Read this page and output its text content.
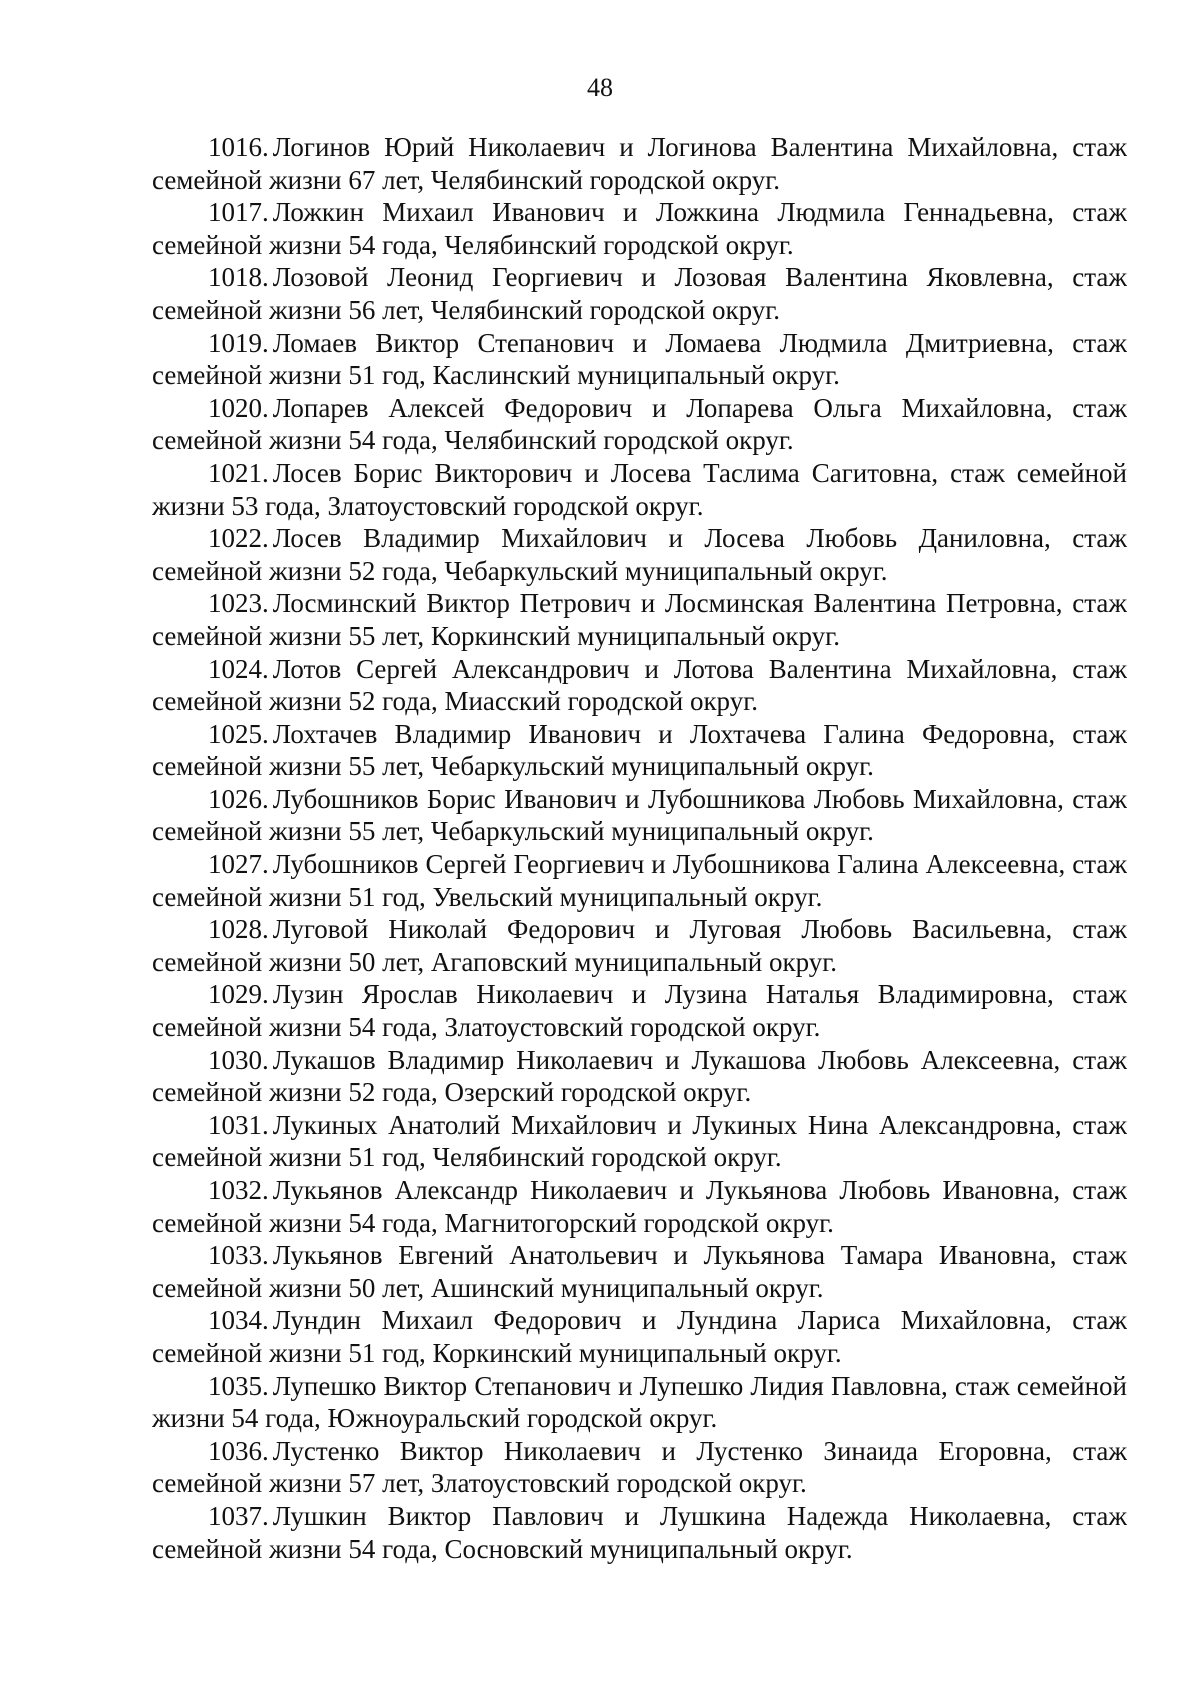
48
1016. Логинов Юрий Николаевич и Логинова Валентина Михайловна, стаж семейной жизни 67 лет, Челябинский городской округ.
1017. Ложкин Михаил Иванович и Ложкина Людмила Геннадьевна, стаж семейной жизни 54 года, Челябинский городской округ.
1018. Лозовой Леонид Георгиевич и Лозовая Валентина Яковлевна, стаж семейной жизни 56 лет, Челябинский городской округ.
1019. Ломаев Виктор Степанович и Ломаева Людмила Дмитриевна, стаж семейной жизни 51 год, Каслинский муниципальный округ.
1020. Лопарев Алексей Федорович и Лопарева Ольга Михайловна, стаж семейной жизни 54 года, Челябинский городской округ.
1021. Лосев Борис Викторович и Лосева Таслима Сагитовна, стаж семейной жизни 53 года, Златоустовский городской округ.
1022. Лосев Владимир Михайлович и Лосева Любовь Даниловна, стаж семейной жизни 52 года, Чебаркульский муниципальный округ.
1023. Лосминский Виктор Петрович и Лосминская Валентина Петровна, стаж семейной жизни 55 лет, Коркинский муниципальный округ.
1024. Лотов Сергей Александрович и Лотова Валентина Михайловна, стаж семейной жизни 52 года, Миасский городской округ.
1025. Лохтачев Владимир Иванович и Лохтачева Галина Федоровна, стаж семейной жизни 55 лет, Чебаркульский муниципальный округ.
1026. Лубошников Борис Иванович и Лубошникова Любовь Михайловна, стаж семейной жизни 55 лет, Чебаркульский муниципальный округ.
1027. Лубошников Сергей Георгиевич и Лубошникова Галина Алексеевна, стаж семейной жизни 51 год, Увельский муниципальный округ.
1028. Луговой Николай Федорович и Луговая Любовь Васильевна, стаж семейной жизни 50 лет, Агаповский муниципальный округ.
1029. Лузин Ярослав Николаевич и Лузина Наталья Владимировна, стаж семейной жизни 54 года, Златоустовский городской округ.
1030. Лукашов Владимир Николаевич и Лукашова Любовь Алексеевна, стаж семейной жизни 52 года, Озерский городской округ.
1031. Лукиных Анатолий Михайлович и Лукиных Нина Александровна, стаж семейной жизни 51 год, Челябинский городской округ.
1032. Лукьянов Александр Николаевич и Лукьянова Любовь Ивановна, стаж семейной жизни 54 года, Магнитогорский городской округ.
1033. Лукьянов Евгений Анатольевич и Лукьянова Тамара Ивановна, стаж семейной жизни 50 лет, Ашинский муниципальный округ.
1034. Лундин Михаил Федорович и Лундина Лариса Михайловна, стаж семейной жизни 51 год, Коркинский муниципальный округ.
1035. Лупешко Виктор Степанович и Лупешко Лидия Павловна, стаж семейной жизни 54 года, Южноуральский городской округ.
1036. Лустенко Виктор Николаевич и Лустенко Зинаида Егоровна, стаж семейной жизни 57 лет, Златоустовский городской округ.
1037. Лушкин Виктор Павлович и Лушкина Надежда Николаевна, стаж семейной жизни 54 года, Сосновский муниципальный округ.
